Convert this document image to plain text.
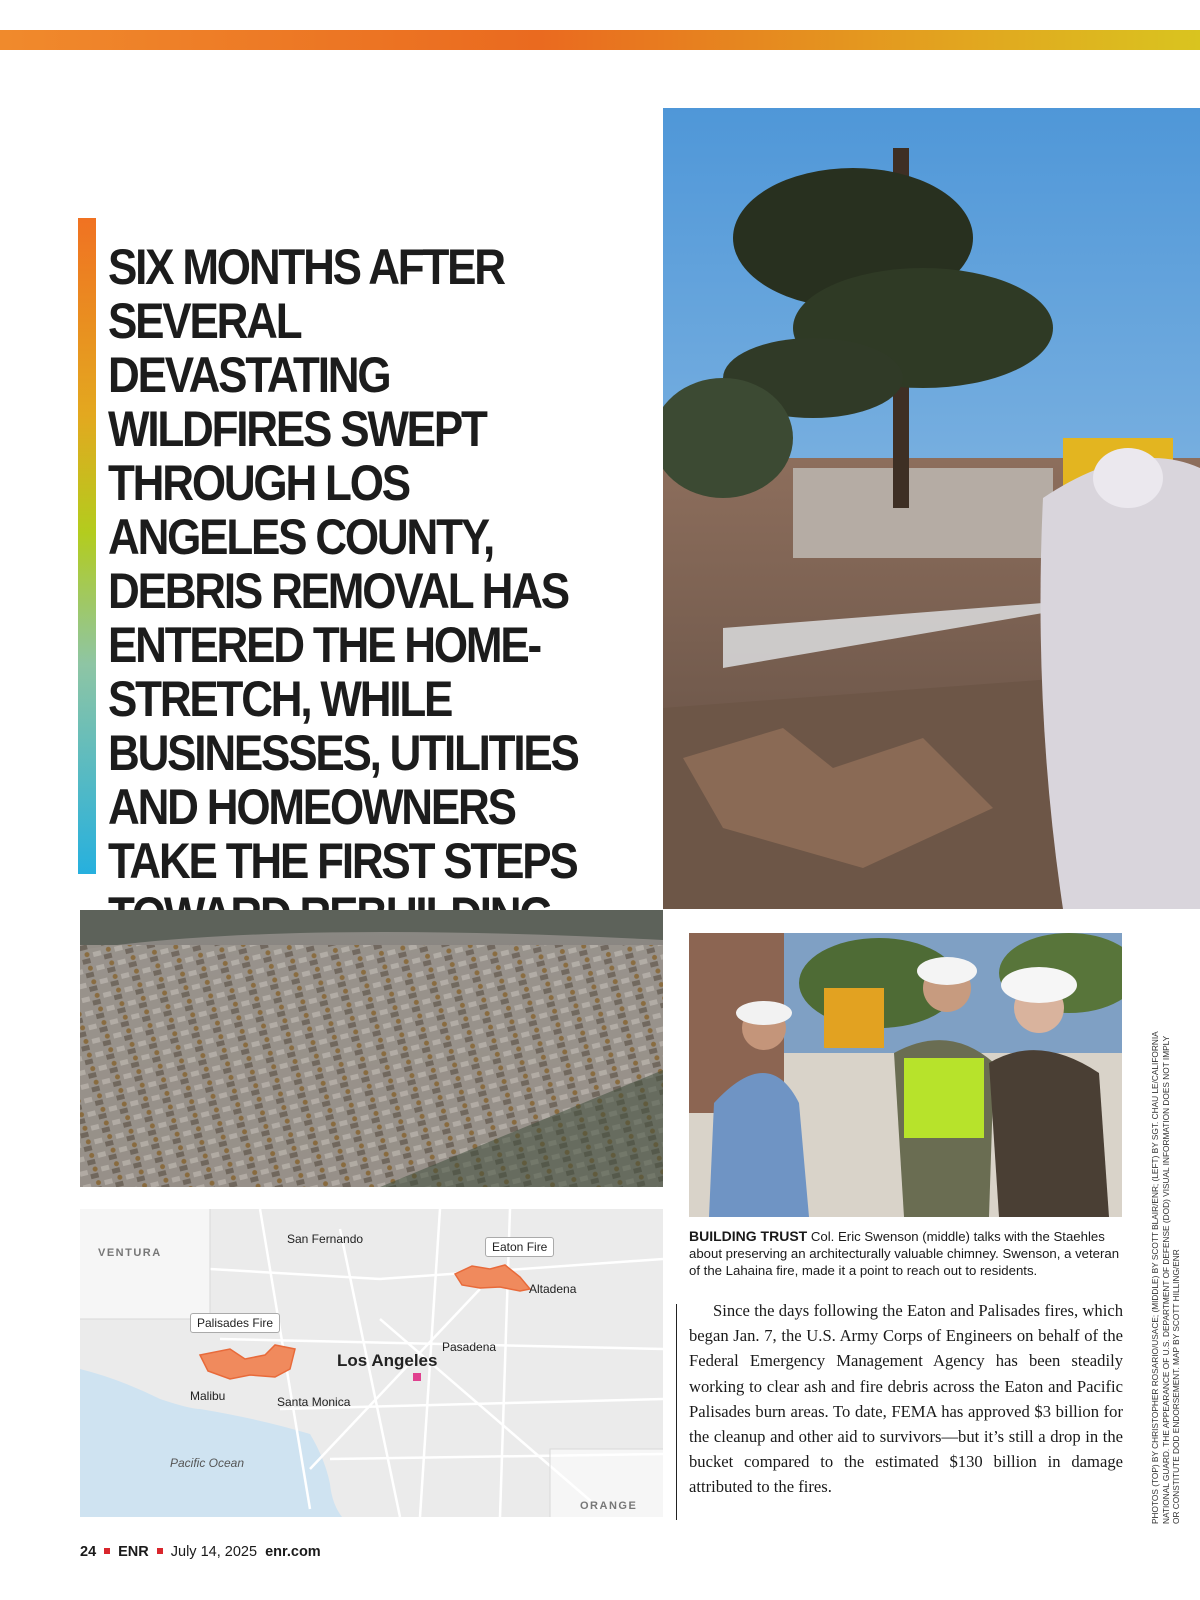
SIX MONTHS AFTER SEVERAL DEVASTATING WILDFIRES SWEPT THROUGH LOS ANGELES COUNTY, DEBRIS REMOVAL HAS ENTERED THE HOME-STRETCH, WHILE BUSINESSES, UTILITIES AND HOMEOWNERS TAKE THE FIRST STEPS
VENTURA
ORANGE
San Fernando
Altadena
Pasadena
Los Angeles
Malibu	Santa Monica
Pacific Ocean
Eaton Fire
Palisades Fire

BUILDING TRUST Col. Eric Swenson (middle) talks with the Staehles about preserving an architecturally valuable chimney. Swenson, a veteran of the Lahaina fire, made it a point to reach out to residents.

Since the days following the Eaton and Palisades fires, which began Jan. 7, the U.S. Army Corps of Engineers on behalf of the Federal Emergency Management Agency has been steadily working to clear ash and fire debris across the Eaton and Pacific Palisades burn areas. To date, FEMA has approved $3 billion for the cleanup and other aid to survivors—but it’s still a drop in the bucket compared to the estimated $130 billion in damage attributed to the fires.	PHOTOS (TOP) BY CHRISTOPHER ROSARIO/USACE; (MIDDLE) BY SCOTT BLAIR/ENR; (LEFT) BY SGT. CHAU LE/CALIFORNIA NATIONAL GUARD. THE APPEARANCE OF U.S. DEPARTMENT OF DEFENSE (DOD) VISUAL INFORMATION DOES NOT IMPLY OR CONSTITUTE DOD ENDORSEMENT. MAP BY SCOTT HILLING/ENR

24 ENR July 14, 2025 enr.com
